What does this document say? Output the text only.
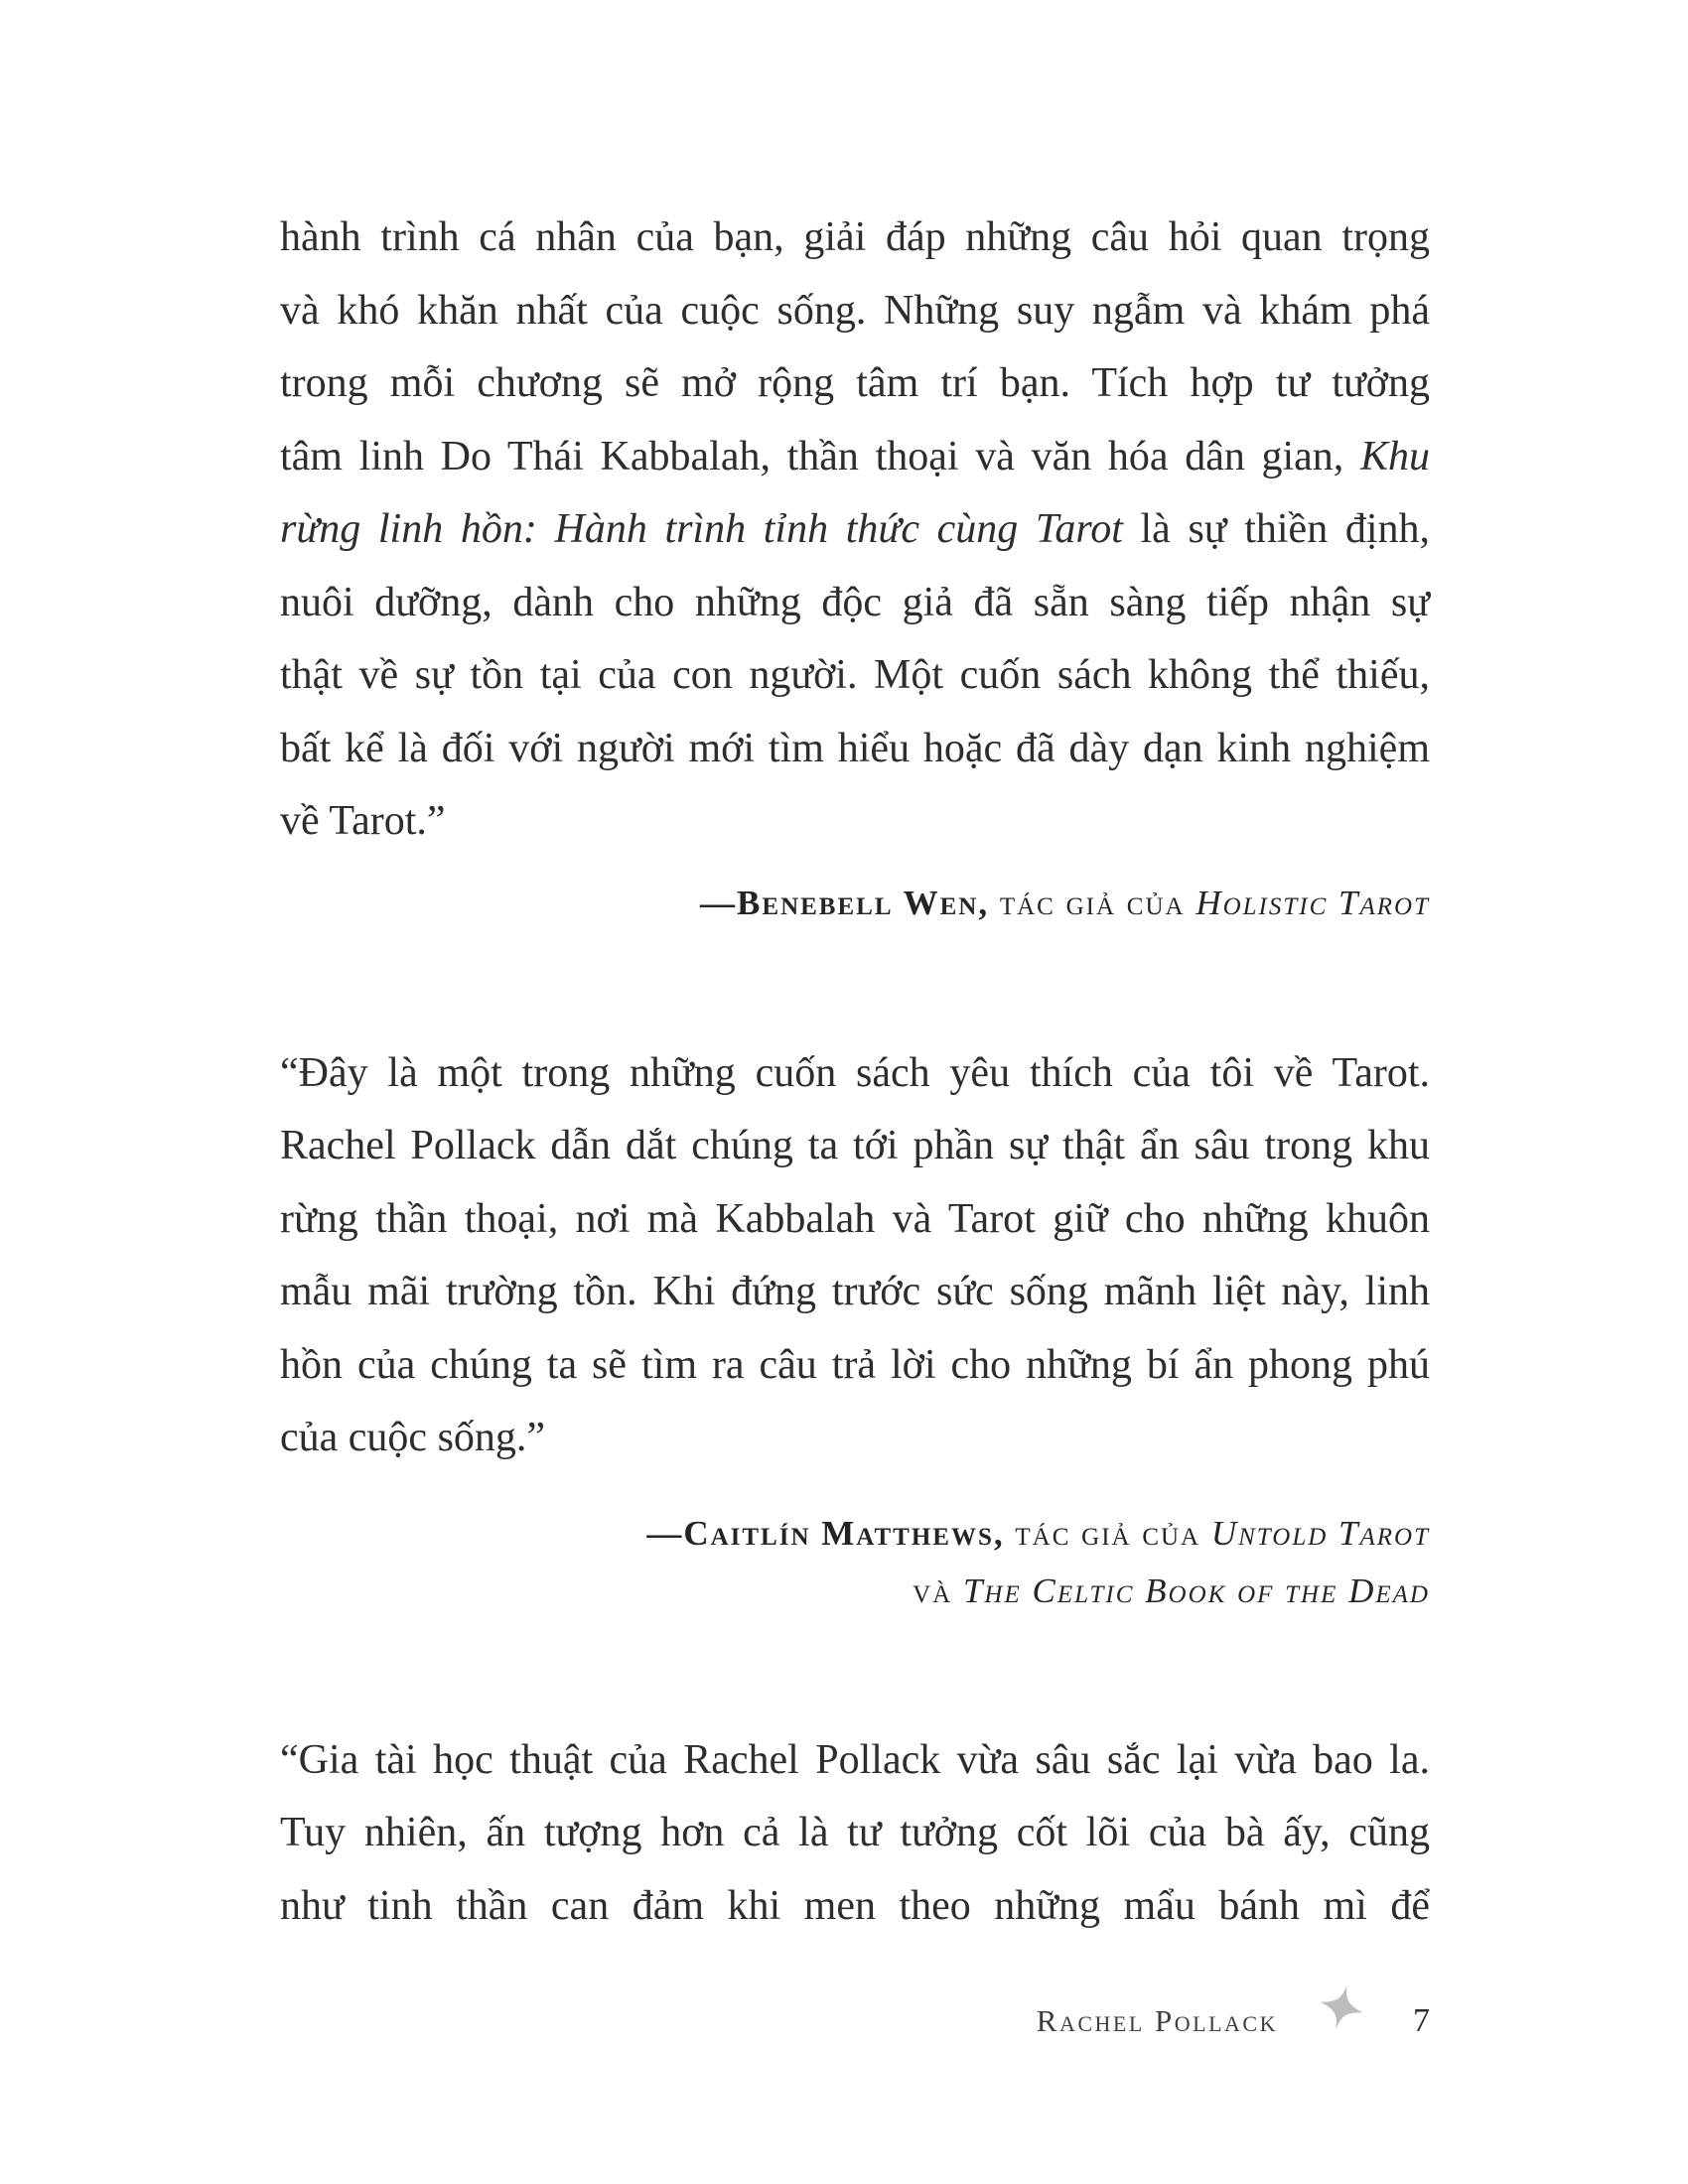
hành trình cá nhân của bạn, giải đáp những câu hỏi quan trọng
và khó khăn nhất của cuộc sống. Những suy ngẫm và khám phá
trong mỗi chương sẽ mở rộng tâm trí bạn. Tích hợp tư tưởng
tâm linh Do Thái Kabbalah, thần thoại và văn hóa dân gian, Khu
rừng linh hồn: Hành trình tỉnh thức cùng Tarot là sự thiền định,
nuôi dưỡng, dành cho những độc giả đã sẵn sàng tiếp nhận sự
thật về sự tồn tại của con người. Một cuốn sách không thể thiếu,
bất kể là đối với người mới tìm hiểu hoặc đã dày dạn kinh nghiệm
về Tarot.”
—Benebell Wen, tác giả của Holistic Tarot
“Đây là một trong những cuốn sách yêu thích của tôi về Tarot.
Rachel Pollack dẫn dắt chúng ta tới phần sự thật ẩn sâu trong khu
rừng thần thoại, nơi mà Kabbalah và Tarot giữ cho những khuôn
mẫu mãi trường tồn. Khi đứng trước sức sống mãnh liệt này, linh
hồn của chúng ta sẽ tìm ra câu trả lời cho những bí ẩn phong phú
của cuộc sống.”
—Caitlín Matthews, tác giả của Untold Tarot
và The Celtic Book of the Dead
“Gia tài học thuật của Rachel Pollack vừa sâu sắc lại vừa bao la.
Tuy nhiên, ấn tượng hơn cả là tư tưởng cốt lõi của bà ấy, cũng
như tinh thần can đảm khi men theo những mẩu bánh mì để
Rachel Pollack	7
